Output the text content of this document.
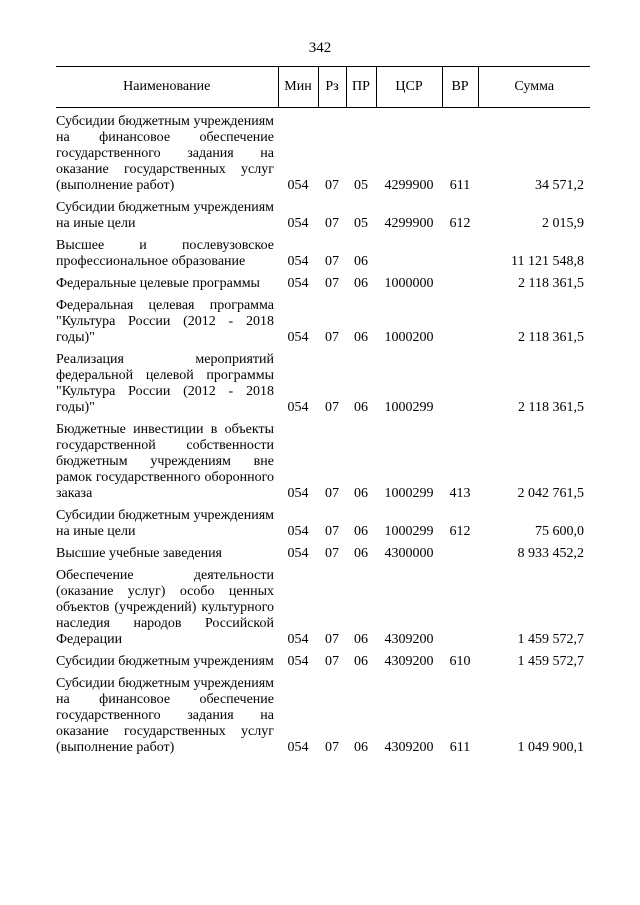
342
Наименование	Мин	Рз	ПР	ЦСР	ВР	Сумма
Субсидии бюджетным учреждениям на финансовое обеспечение государственного задания на оказание государственных услуг (выполнение работ)	054	07	05	4299900	611	34 571,2
Субсидии бюджетным учреждениям на иные цели	054	07	05	4299900	612	2 015,9
Высшее и послевузовское профессиональное образование	054	07	06			11 121 548,8
Федеральные целевые программы	054	07	06	1000000		2 118 361,5
Федеральная целевая программа "Культура России (2012 - 2018 годы)"	054	07	06	1000200		2 118 361,5
Реализация мероприятий федеральной целевой программы "Культура России (2012 - 2018 годы)"	054	07	06	1000299		2 118 361,5
Бюджетные инвестиции в объекты государственной собственности бюджетным учреждениям вне рамок государственного оборонного заказа	054	07	06	1000299	413	2 042 761,5
Субсидии бюджетным учреждениям на иные цели	054	07	06	1000299	612	75 600,0
Высшие учебные заведения	054	07	06	4300000		8 933 452,2
Обеспечение деятельности (оказание услуг) особо ценных объектов (учреждений) культурного наследия народов Российской Федерации	054	07	06	4309200		1 459 572,7
Субсидии бюджетным учреждениям	054	07	06	4309200	610	1 459 572,7
Субсидии бюджетным учреждениям на финансовое обеспечение государственного задания на оказание государственных услуг (выполнение работ)	054	07	06	4309200	611	1 049 900,1
